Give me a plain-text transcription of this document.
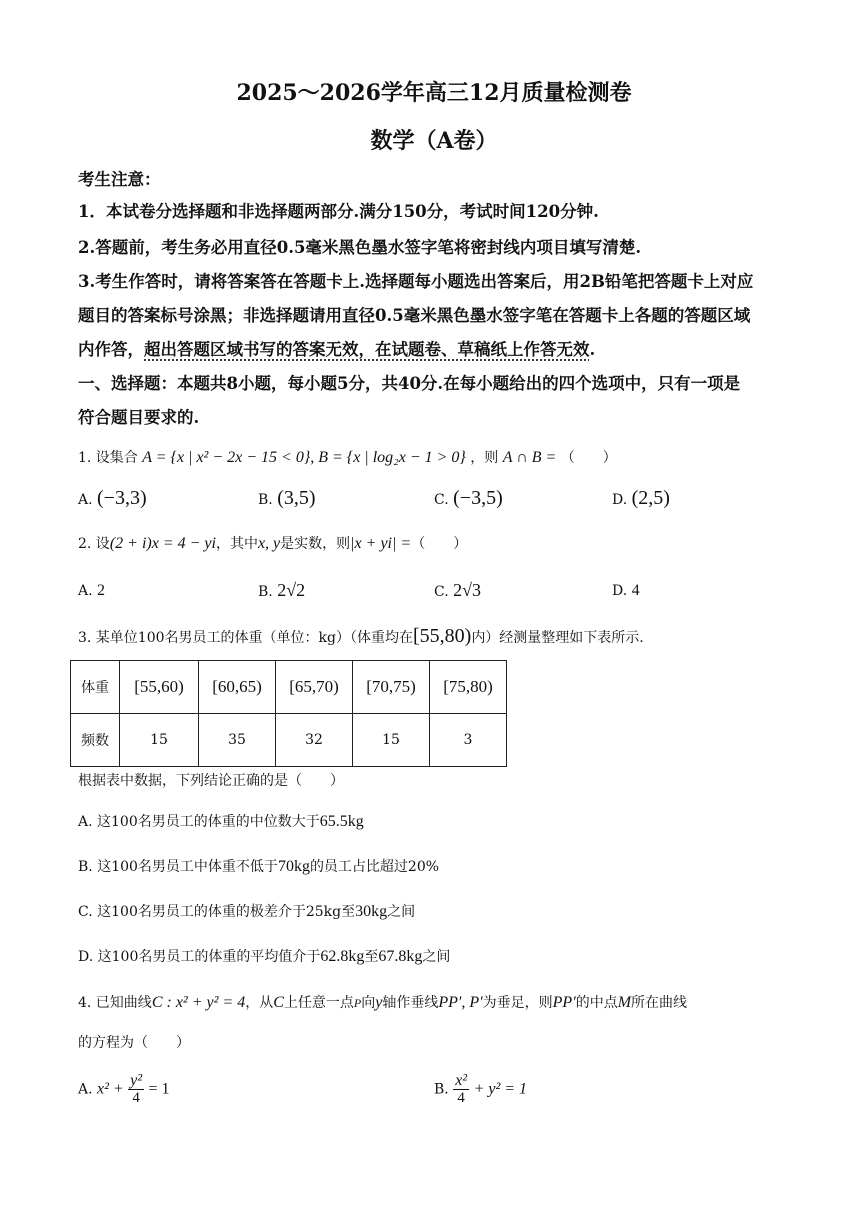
2025～2026学年高三12月质量检测卷
数学（A卷）
考生注意：
1．本试卷分选择题和非选择题两部分.满分150分，考试时间120分钟.
2.答题前，考生务必用直径0.5毫米黑色墨水签字笔将密封线内项目填写清楚.
3.考生作答时，请将答案答在答题卡上.选择题每小题选出答案后，用2B铅笔把答题卡上对应
题目的答案标号涂黑；非选择题请用直径0.5毫米黑色墨水签字笔在答题卡上各题的答题区域
内作答，超出答题区域书写的答案无效，在试题卷、草稿纸上作答无效.
一、选择题：本题共8小题，每小题5分，共40分.在每小题给出的四个选项中，只有一项是
符合题目要求的.
1. 设集合 A = {x | x² − 2x − 15 < 0}, B = {x | log₂x − 1 > 0} ，则 A ∩ B = （　　）
A. (−3,3)	B. (3,5)	C. (−3,5)	D. (2,5)
2. 设(2 + i)x = 4 − yi，其中x, y是实数，则|x + yi| =（　　）
A. 2	B. 2√2	C. 2√3	D. 4
3. 某单位100名男员工的体重（单位：kg）（体重均在[55,80)内）经测量整理如下表所示.
体重	[55,60)	[60,65)	[65,70)	[70,75)	[75,80)
频数	15	35	32	15	3
根据表中数据，下列结论正确的是（　　）
A. 这100名男员工的体重的中位数大于65.5kg
B. 这100名男员工中体重不低于70kg的员工占比超过20%
C. 这100名男员工的体重的极差介于25kg至30kg之间
D. 这100名男员工的体重的平均值介于62.8kg至67.8kg之间
4. 已知曲线C : x² + y² = 4，从C上任意一点P向y轴作垂线PP′, P′为垂足，则PP′的中点M所在曲线
的方程为（　　）
A. $x^2 + \frac{\text{y²}}{4} = 1$	B. $\frac{\text{x²}}{4} + y^2 = 1$
